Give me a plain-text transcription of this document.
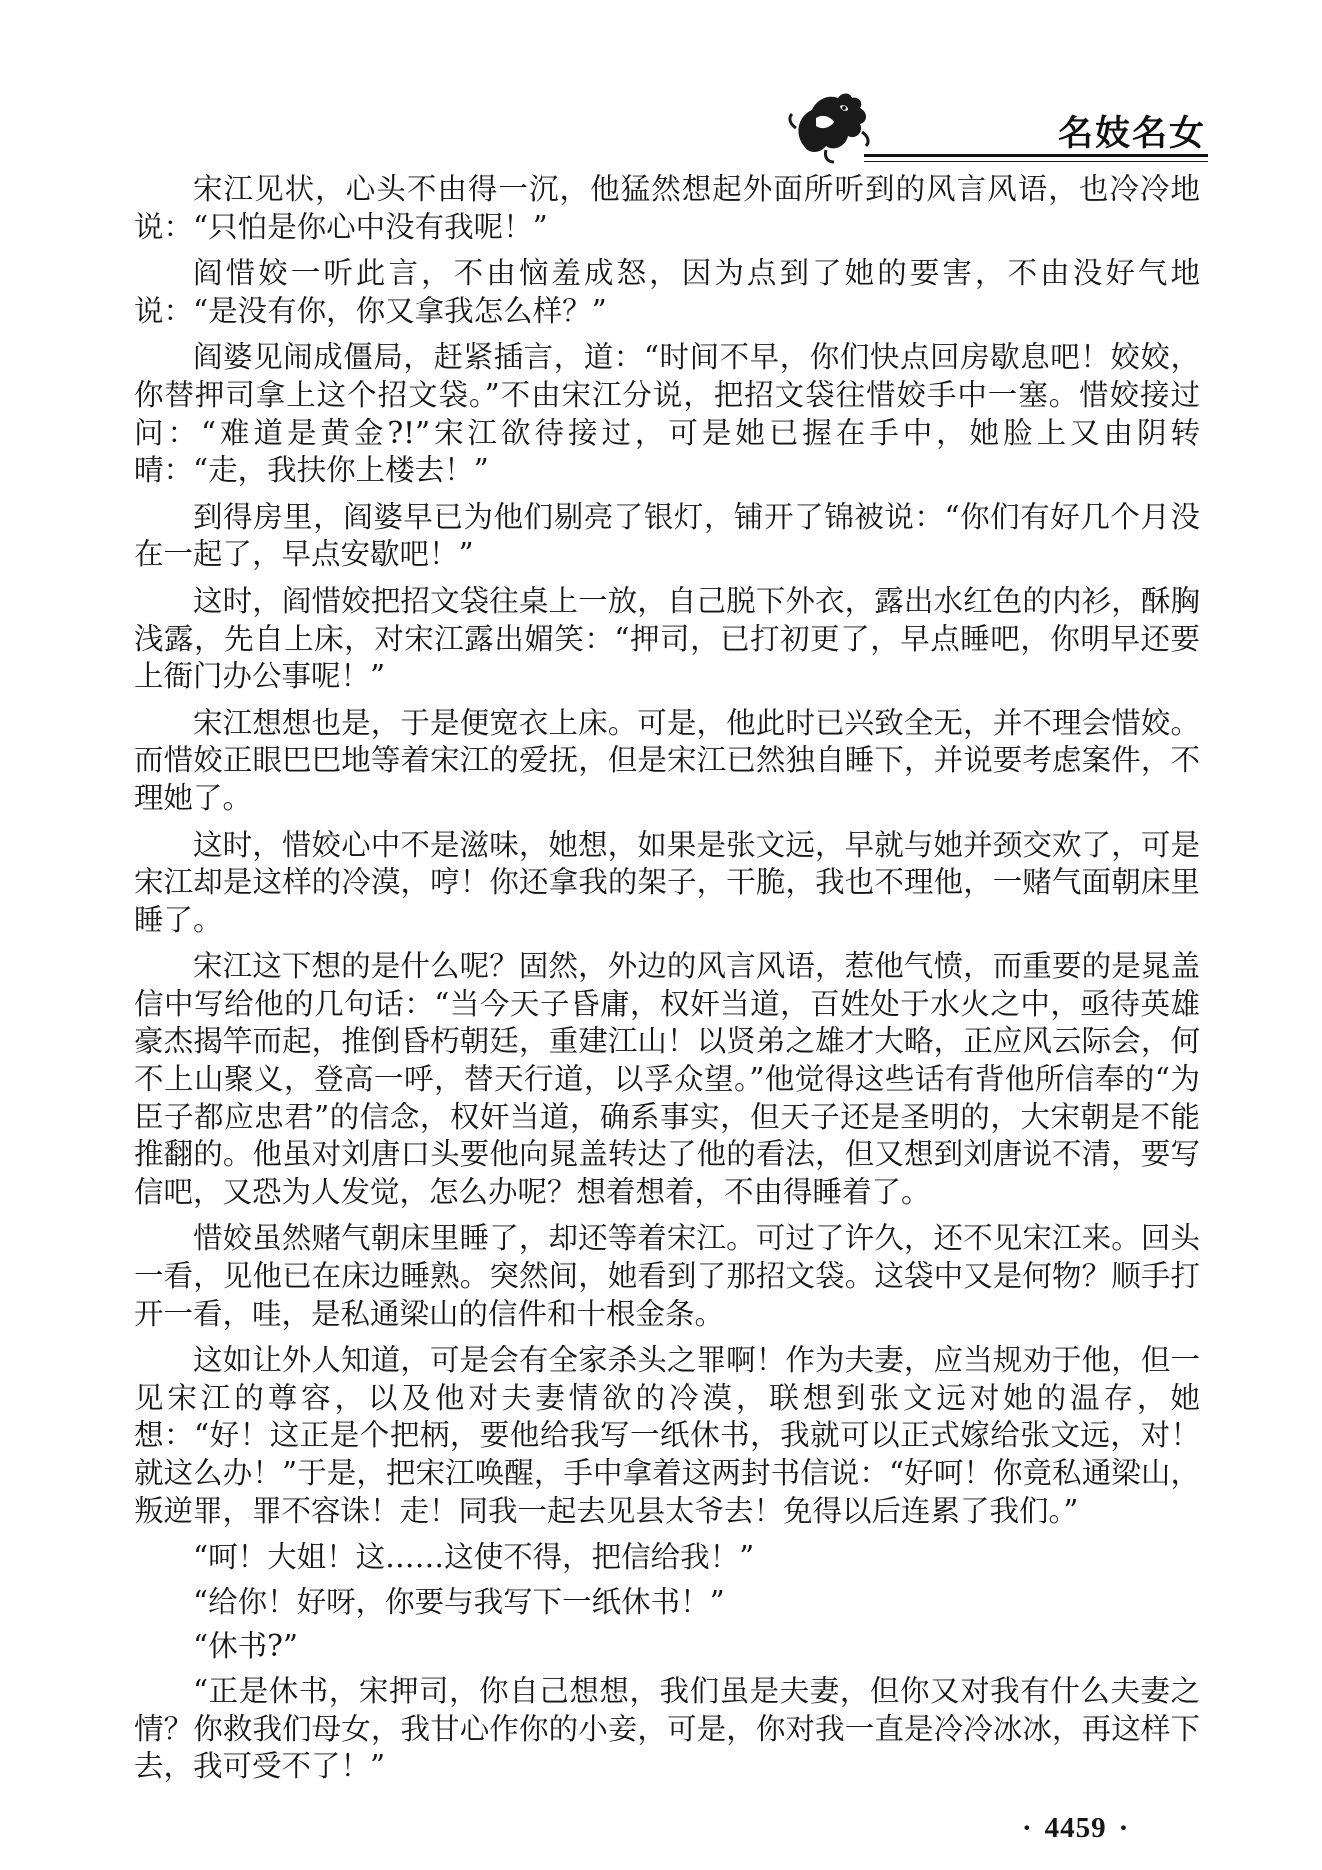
名妓名女

宋江见状，心头不由得一沉，他猛然想起外面所听到的风言风语，也冷冷地说：“只怕是你心中没有我呢！”

阎惜姣一听此言，不由恼羞成怒，因为点到了她的要害，不由没好气地说：“是没有你，你又拿我怎么样？”

阎婆见闹成僵局，赶紧插言，道：“时间不早，你们快点回房歇息吧！姣姣，你替押司拿上这个招文袋。”不由宋江分说，把招文袋往惜姣手中一塞。惜姣接过问：“难道是黄金?!”宋江欲待接过，可是她已握在手中，她脸上又由阴转晴：“走，我扶你上楼去！”

到得房里，阎婆早已为他们剔亮了银灯，铺开了锦被说：“你们有好几个月没在一起了，早点安歇吧！”

这时，阎惜姣把招文袋往桌上一放，自己脱下外衣，露出水红色的内衫，酥胸浅露，先自上床，对宋江露出媚笑：“押司，已打初更了，早点睡吧，你明早还要上衙门办公事呢！”

宋江想想也是，于是便宽衣上床。可是，他此时已兴致全无，并不理会惜姣。而惜姣正眼巴巴地等着宋江的爱抚，但是宋江已然独自睡下，并说要考虑案件，不理她了。

这时，惜姣心中不是滋味，她想，如果是张文远，早就与她并颈交欢了，可是宋江却是这样的冷漠，哼！你还拿我的架子，干脆，我也不理他，一赌气面朝床里睡了。

宋江这下想的是什么呢？固然，外边的风言风语，惹他气愤，而重要的是晁盖信中写给他的几句话：“当今天子昏庸，权奸当道，百姓处于水火之中，亟待英雄豪杰揭竿而起，推倒昏朽朝廷，重建江山！以贤弟之雄才大略，正应风云际会，何不上山聚义，登高一呼，替天行道，以孚众望。”他觉得这些话有背他所信奉的“为臣子都应忠君”的信念，权奸当道，确系事实，但天子还是圣明的，大宋朝是不能推翻的。他虽对刘唐口头要他向晁盖转达了他的看法，但又想到刘唐说不清，要写信吧，又恐为人发觉，怎么办呢？想着想着，不由得睡着了。

惜姣虽然赌气朝床里睡了，却还等着宋江。可过了许久，还不见宋江来。回头一看，见他已在床边睡熟。突然间，她看到了那招文袋。这袋中又是何物？顺手打开一看，哇，是私通梁山的信件和十根金条。

这如让外人知道，可是会有全家杀头之罪啊！作为夫妻，应当规劝于他，但一见宋江的尊容，以及他对夫妻情欲的冷漠，联想到张文远对她的温存，她想：“好！这正是个把柄，要他给我写一纸休书，我就可以正式嫁给张文远，对！就这么办！”于是，把宋江唤醒，手中拿着这两封书信说：“好呵！你竟私通梁山，叛逆罪，罪不容诛！走！同我一起去见县太爷去！免得以后连累了我们。”

“呵！大姐！这……这使不得，把信给我！”

“给你！好呀，你要与我写下一纸休书！”

“休书?”

“正是休书，宋押司，你自己想想，我们虽是夫妻，但你又对我有什么夫妻之情？你救我们母女，我甘心作你的小妾，可是，你对我一直是冷冷冰冰，再这样下去，我可受不了！”

· 4459 ·
